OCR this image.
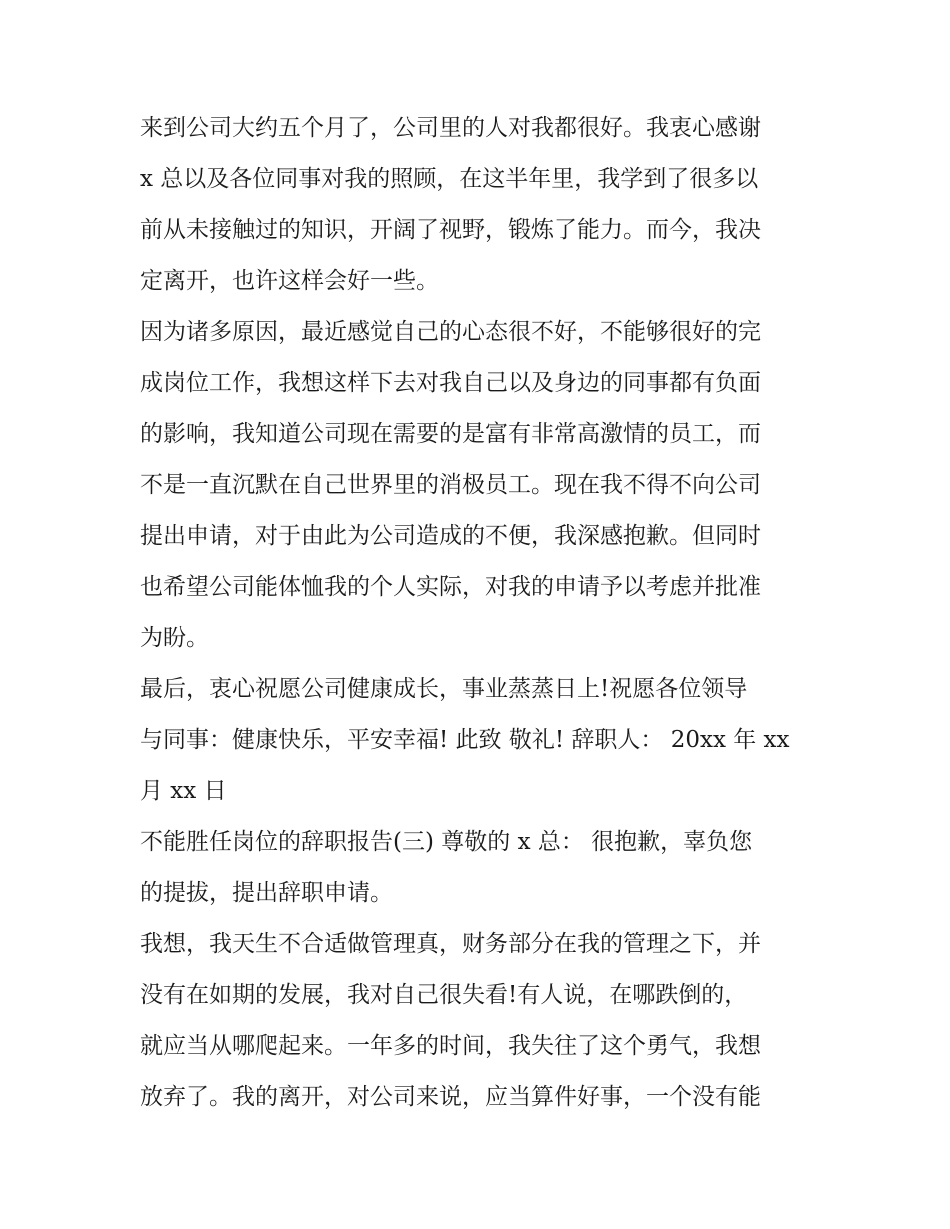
来到公司大约五个月了，公司里的人对我都很好。我衷心感谢
x 总以及各位同事对我的照顾，在这半年里，我学到了很多以
前从未接触过的知识，开阔了视野，锻炼了能力。而今，我决
定离开，也许这样会好一些。
因为诸多原因，最近感觉自己的心态很不好，不能够很好的完
成岗位工作，我想这样下去对我自己以及身边的同事都有负面
的影响，我知道公司现在需要的是富有非常高激情的员工，而
不是一直沉默在自己世界里的消极员工。现在我不得不向公司
提出申请，对于由此为公司造成的不便，我深感抱歉。但同时
也希望公司能体恤我的个人实际，对我的申请予以考虑并批准
为盼。
最后，衷心祝愿公司健康成长，事业蒸蒸日上!祝愿各位领导
与同事：健康快乐，平安幸福! 此致 敬礼! 辞职人： 20xx 年 xx
月 xx 日
不能胜任岗位的辞职报告(三) 尊敬的 x 总： 很抱歉，辜负您
的提拔，提出辞职申请。
我想，我天生不合适做管理真，财务部分在我的管理之下，并
没有在如期的发展，我对自己很失看!有人说，在哪跌倒的，
就应当从哪爬起来。一年多的时间，我失往了这个勇气，我想
放弃了。我的离开，对公司来说，应当算件好事，一个没有能
